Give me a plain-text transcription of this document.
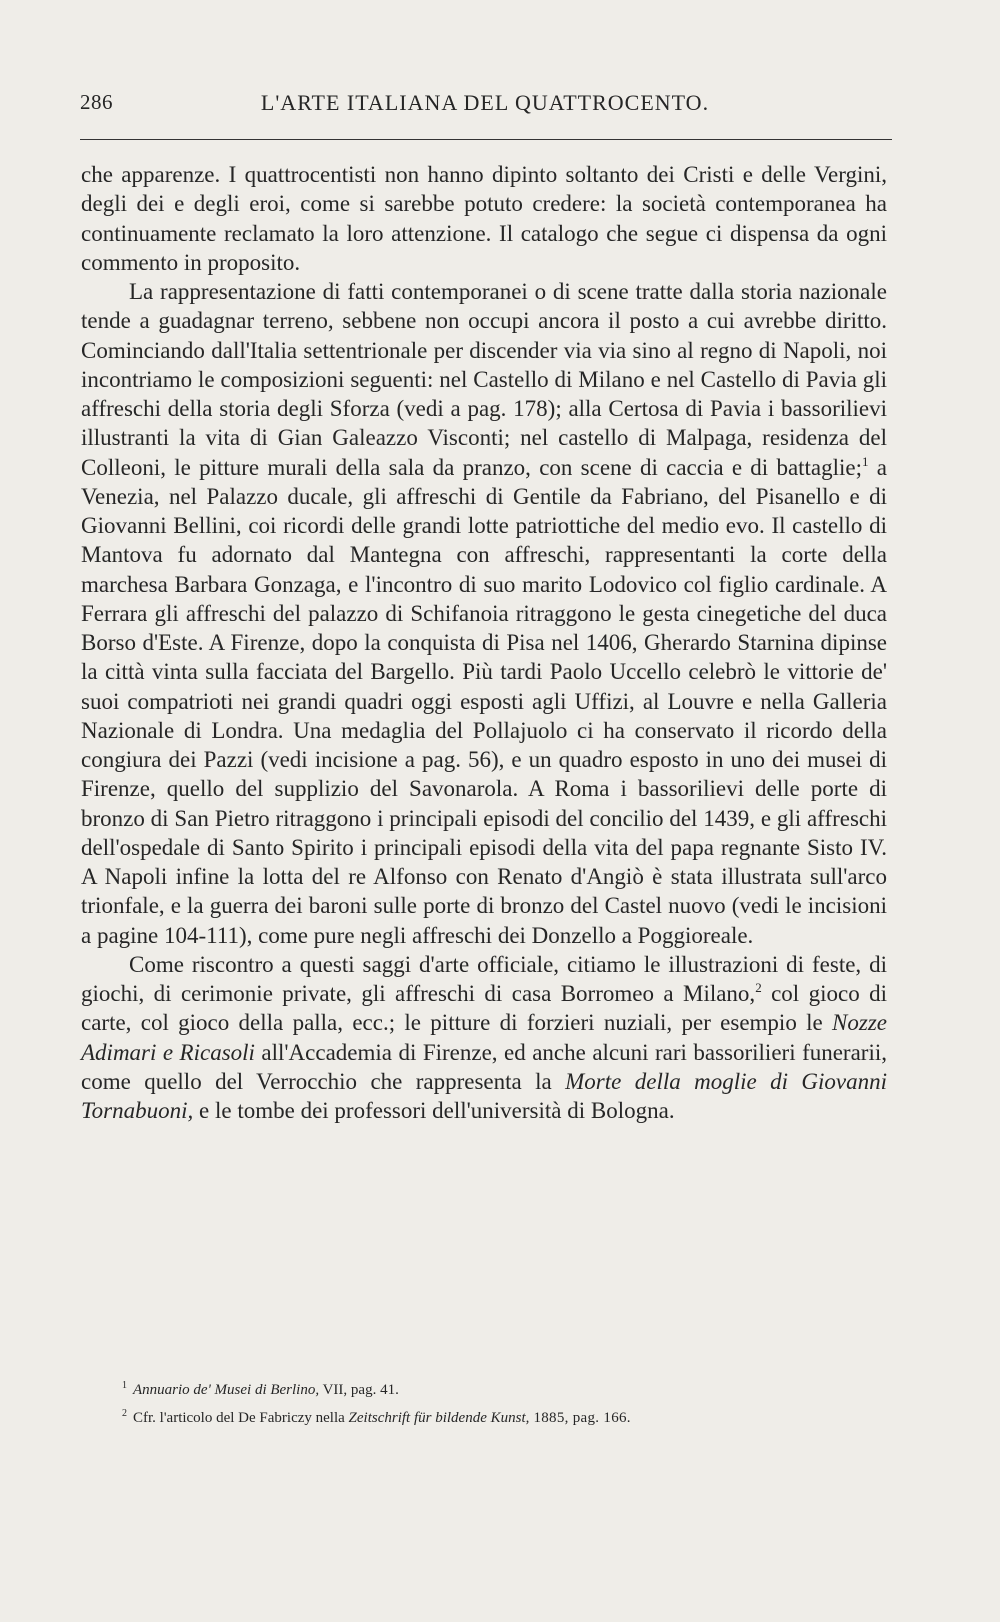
286	L'ARTE ITALIANA DEL QUATTROCENTO.

che apparenze. I quattrocentisti non hanno dipinto soltanto dei Cristi e delle Vergini, degli dei e degli eroi, come si sarebbe potuto credere: la società contemporanea ha continuamente reclamato la loro attenzione. Il catalogo che segue ci dispensa da ogni commento in proposito.

La rappresentazione di fatti contemporanei o di scene tratte dalla storia nazionale tende a guadagnar terreno, sebbene non occupi ancora il posto a cui avrebbe diritto. Cominciando dall'Italia settentrionale per discender via via sino al regno di Napoli, noi incontriamo le composizioni seguenti: nel Castello di Milano e nel Castello di Pavia gli affreschi della storia degli Sforza (vedi a pag. 178); alla Certosa di Pavia i bassorilievi illustranti la vita di Gian Galeazzo Visconti; nel castello di Malpaga, residenza del Colleoni, le pitture murali della sala da pranzo, con scene di caccia e di battaglie;$^1$ a Venezia, nel Palazzo ducale, gli affreschi di Gentile da Fabriano, del Pisanello e di Giovanni Bellini, coi ricordi delle grandi lotte patriottiche del medio evo. Il castello di Mantova fu adornato dal Mantegna con affreschi, rappresentanti la corte della marchesa Barbara Gonzaga, e l'incontro di suo marito Lodovico col figlio cardinale. A Ferrara gli affreschi del palazzo di Schifanoia ritraggono le gesta cinegetiche del duca Borso d'Este. A Firenze, dopo la conquista di Pisa nel 1406, Gherardo Starnina dipinse la città vinta sulla facciata del Bargello. Più tardi Paolo Uccello celebrò le vittorie de' suoi compatrioti nei grandi quadri oggi esposti agli Uffizi, al Louvre e nella Galleria Nazionale di Londra. Una medaglia del Pollajuolo ci ha conservato il ricordo della congiura dei Pazzi (vedi incisione a pag. 56), e un quadro esposto in uno dei musei di Firenze, quello del supplizio del Savonarola. A Roma i bassorilievi delle porte di bronzo di San Pietro ritraggono i principali episodi del concilio del 1439, e gli affreschi dell'ospedale di Santo Spirito i principali episodi della vita del papa regnante Sisto IV. A Napoli infine la lotta del re Alfonso con Renato d'Angiò è stata illustrata sull'arco trionfale, e la guerra dei baroni sulle porte di bronzo del Castel nuovo (vedi le incisioni a pagine 104-111), come pure negli affreschi dei Donzello a Poggioreale.

Come riscontro a questi saggi d'arte officiale, citiamo le illustrazioni di feste, di giochi, di cerimonie private, gli affreschi di casa Borromeo a Milano,$^2$ col gioco di carte, col gioco della palla, ecc.; le pitture di forzieri nuziali, per esempio le Nozze Adimari e Ricasoli all'Accademia di Firenze, ed anche alcuni rari bassorilieri funerarii, come quello del Verrocchio che rappresenta la Morte della moglie di Giovanni Tornabuoni, e le tombe dei professori dell'università di Bologna.

$^1$ Annuario de' Musei di Berlino, VII, pag. 41.

$^2$ Cfr. l'articolo del De Fabriczy nella Zeitschrift für bildende Kunst, 1885, pag. 166.
